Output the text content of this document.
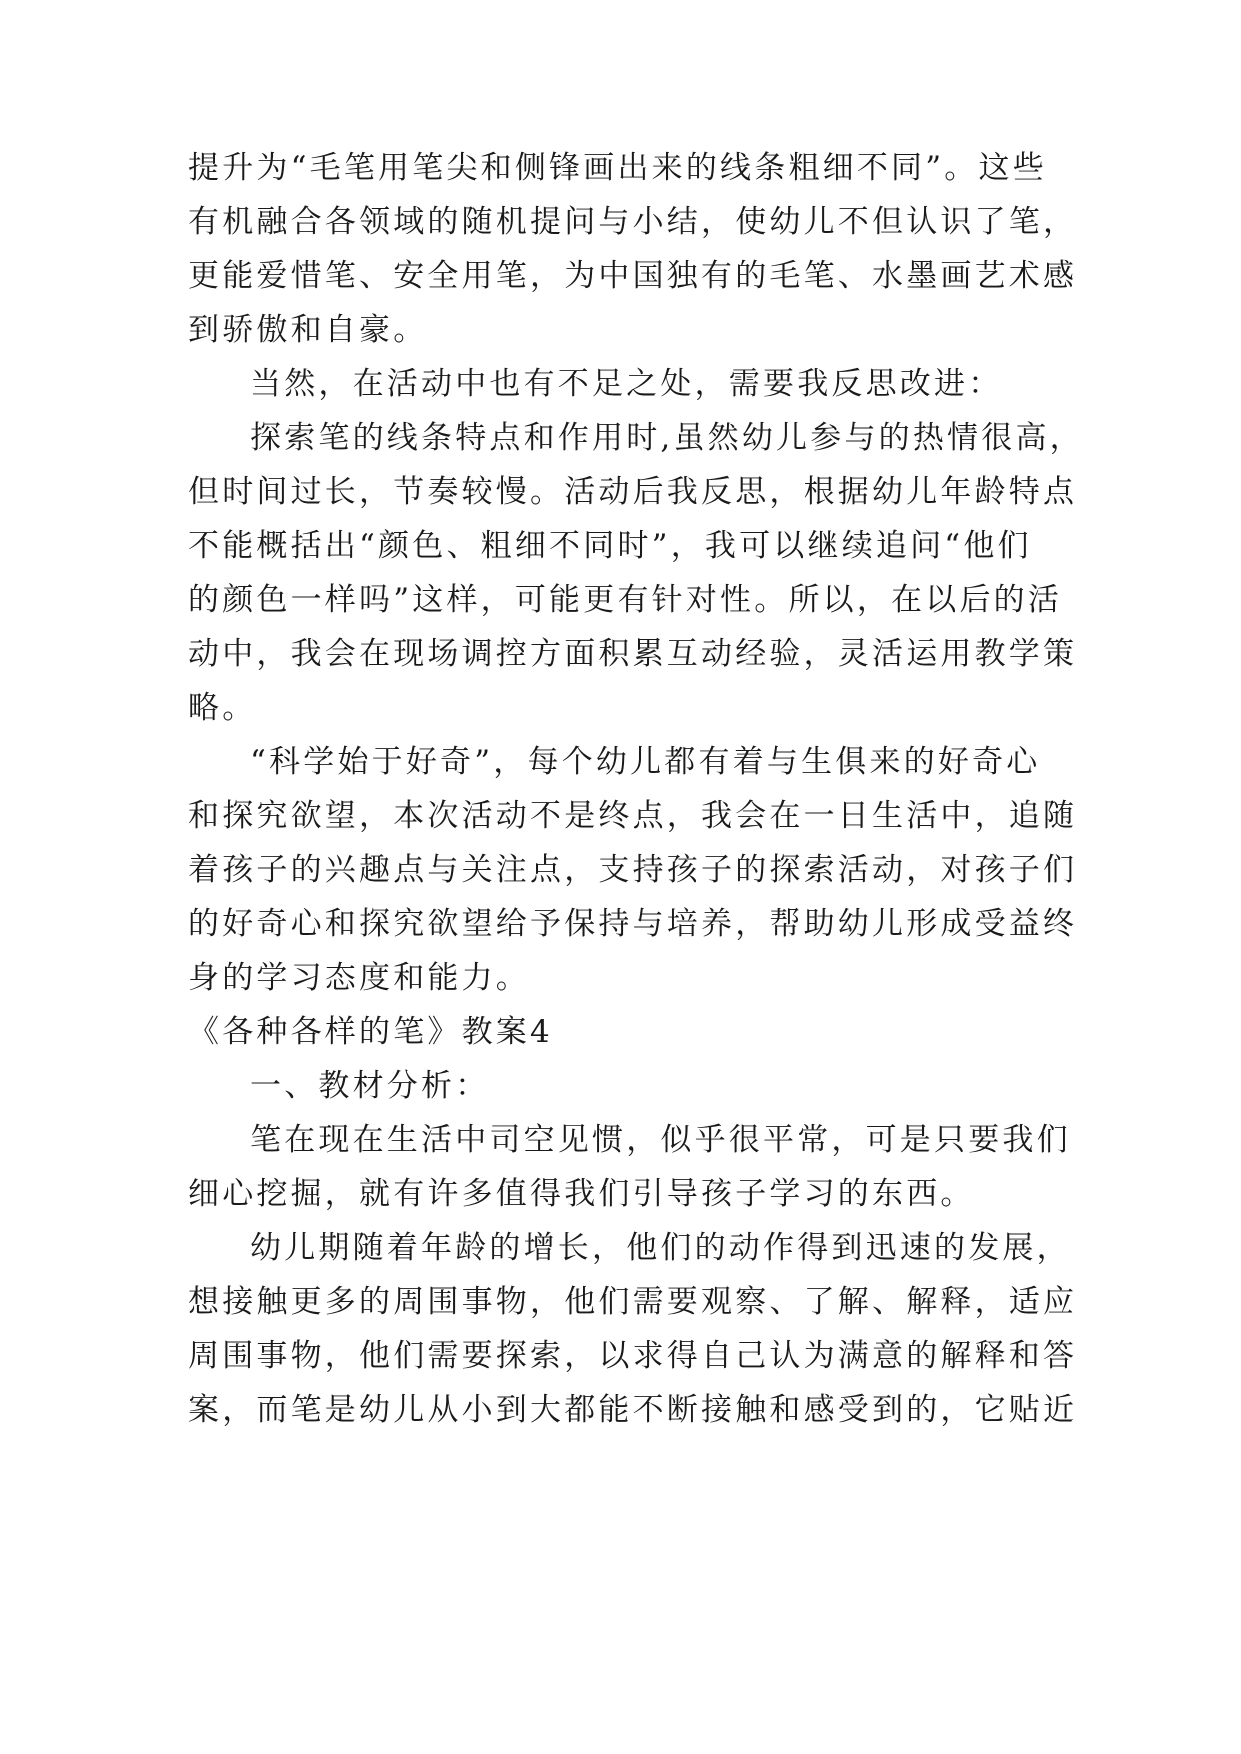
提升为“毛笔用笔尖和侧锋画出来的线条粗细不同”。这些
有机融合各领域的随机提问与小结，使幼儿不但认识了笔，
更能爱惜笔、安全用笔，为中国独有的毛笔、水墨画艺术感
到骄傲和自豪。
当然，在活动中也有不足之处，需要我反思改进：
探索笔的线条特点和作用时,虽然幼儿参与的热情很高，
但时间过长，节奏较慢。活动后我反思，根据幼儿年龄特点
不能概括出“颜色、粗细不同时”，我可以继续追问“他们
的颜色一样吗”这样，可能更有针对性。所以，在以后的活
动中，我会在现场调控方面积累互动经验，灵活运用教学策
略。
“科学始于好奇”，每个幼儿都有着与生俱来的好奇心
和探究欲望，本次活动不是终点，我会在一日生活中，追随
着孩子的兴趣点与关注点，支持孩子的探索活动，对孩子们
的好奇心和探究欲望给予保持与培养，帮助幼儿形成受益终
身的学习态度和能力。
《各种各样的笔》教案4
一、教材分析：
笔在现在生活中司空见惯，似乎很平常，可是只要我们
细心挖掘，就有许多值得我们引导孩子学习的东西。
幼儿期随着年龄的增长，他们的动作得到迅速的发展，
想接触更多的周围事物，他们需要观察、了解、解释，适应
周围事物，他们需要探索，以求得自己认为满意的解释和答
案，而笔是幼儿从小到大都能不断接触和感受到的，它贴近
